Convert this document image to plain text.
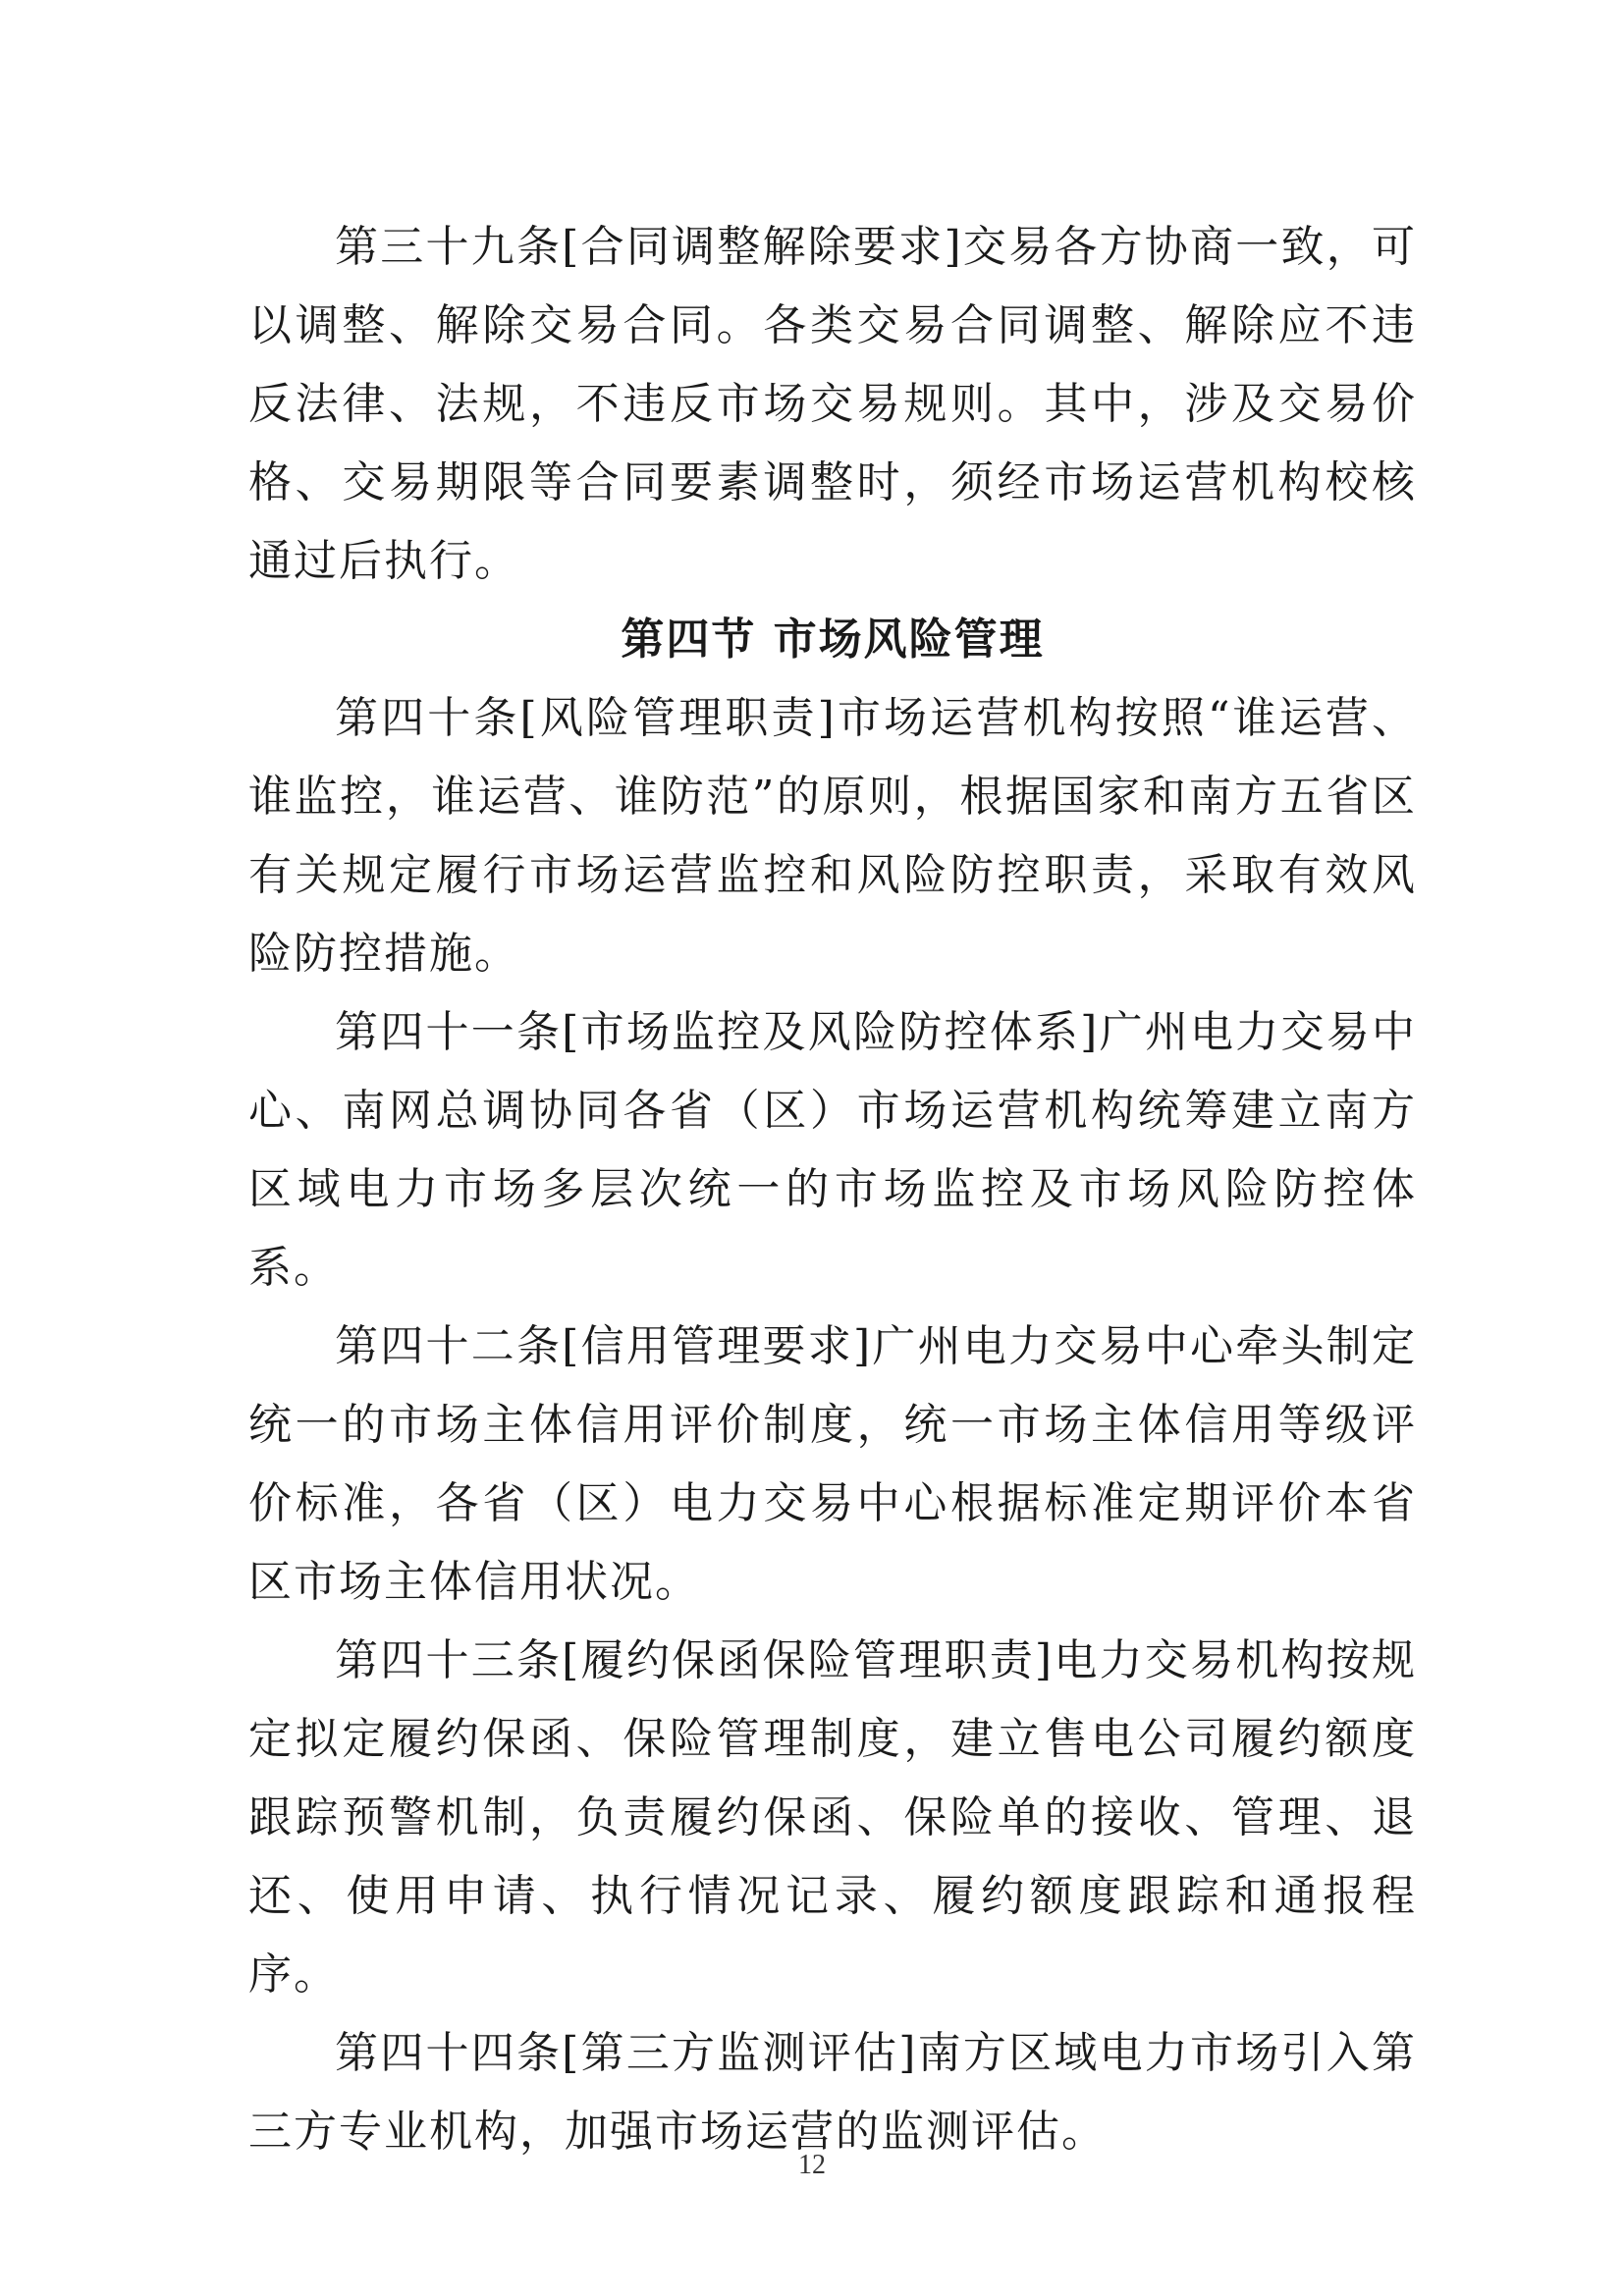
第三十九条[合同调整解除要求]交易各方协商一致，可以调整、解除交易合同。各类交易合同调整、解除应不违反法律、法规，不违反市场交易规则。其中，涉及交易价格、交易期限等合同要素调整时，须经市场运营机构校核通过后执行。

第四节 市场风险管理

第四十条[风险管理职责]市场运营机构按照“谁运营、谁监控，谁运营、谁防范”的原则，根据国家和南方五省区有关规定履行市场运营监控和风险防控职责，采取有效风险防控措施。

第四十一条[市场监控及风险防控体系]广州电力交易中心、南网总调协同各省（区）市场运营机构统筹建立南方区域电力市场多层次统一的市场监控及市场风险防控体系。

第四十二条[信用管理要求]广州电力交易中心牵头制定统一的市场主体信用评价制度，统一市场主体信用等级评价标准，各省（区）电力交易中心根据标准定期评价本省区市场主体信用状况。

第四十三条[履约保函保险管理职责]电力交易机构按规定拟定履约保函、保险管理制度，建立售电公司履约额度跟踪预警机制，负责履约保函、保险单的接收、管理、退还、使用申请、执行情况记录、履约额度跟踪和通报程序。

第四十四条[第三方监测评估]南方区域电力市场引入第三方专业机构，加强市场运营的监测评估。

12
